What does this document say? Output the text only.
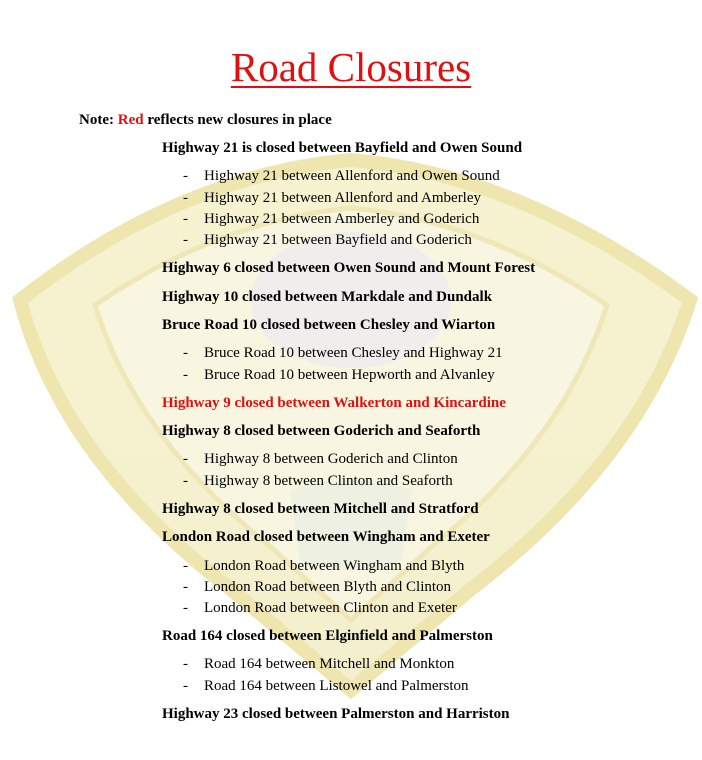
Road Closures
Note: Red reflects new closures in place
Highway 21 is closed between Bayfield and Owen Sound
- Highway 21 between Allenford and Owen Sound
- Highway 21 between Allenford and Amberley
- Highway 21 between Amberley and Goderich
- Highway 21 between Bayfield and Goderich
Highway 6 closed between Owen Sound and Mount Forest
Highway 10 closed between Markdale and Dundalk
Bruce Road 10 closed between Chesley and Wiarton
- Bruce Road 10 between Chesley and Highway 21
- Bruce Road 10 between Hepworth and Alvanley
Highway 9 closed between Walkerton and Kincardine
Highway 8 closed between Goderich and Seaforth
- Highway 8 between Goderich and Clinton
- Highway 8 between Clinton and Seaforth
Highway 8 closed between Mitchell and Stratford
London Road closed between Wingham and Exeter
- London Road between Wingham and Blyth
- London Road between Blyth and Clinton
- London Road between Clinton and Exeter
Road 164 closed between Elginfield and Palmerston
- Road 164 between Mitchell and Monkton
- Road 164 between Listowel and Palmerston
Highway 23 closed between Palmerston and Harriston
